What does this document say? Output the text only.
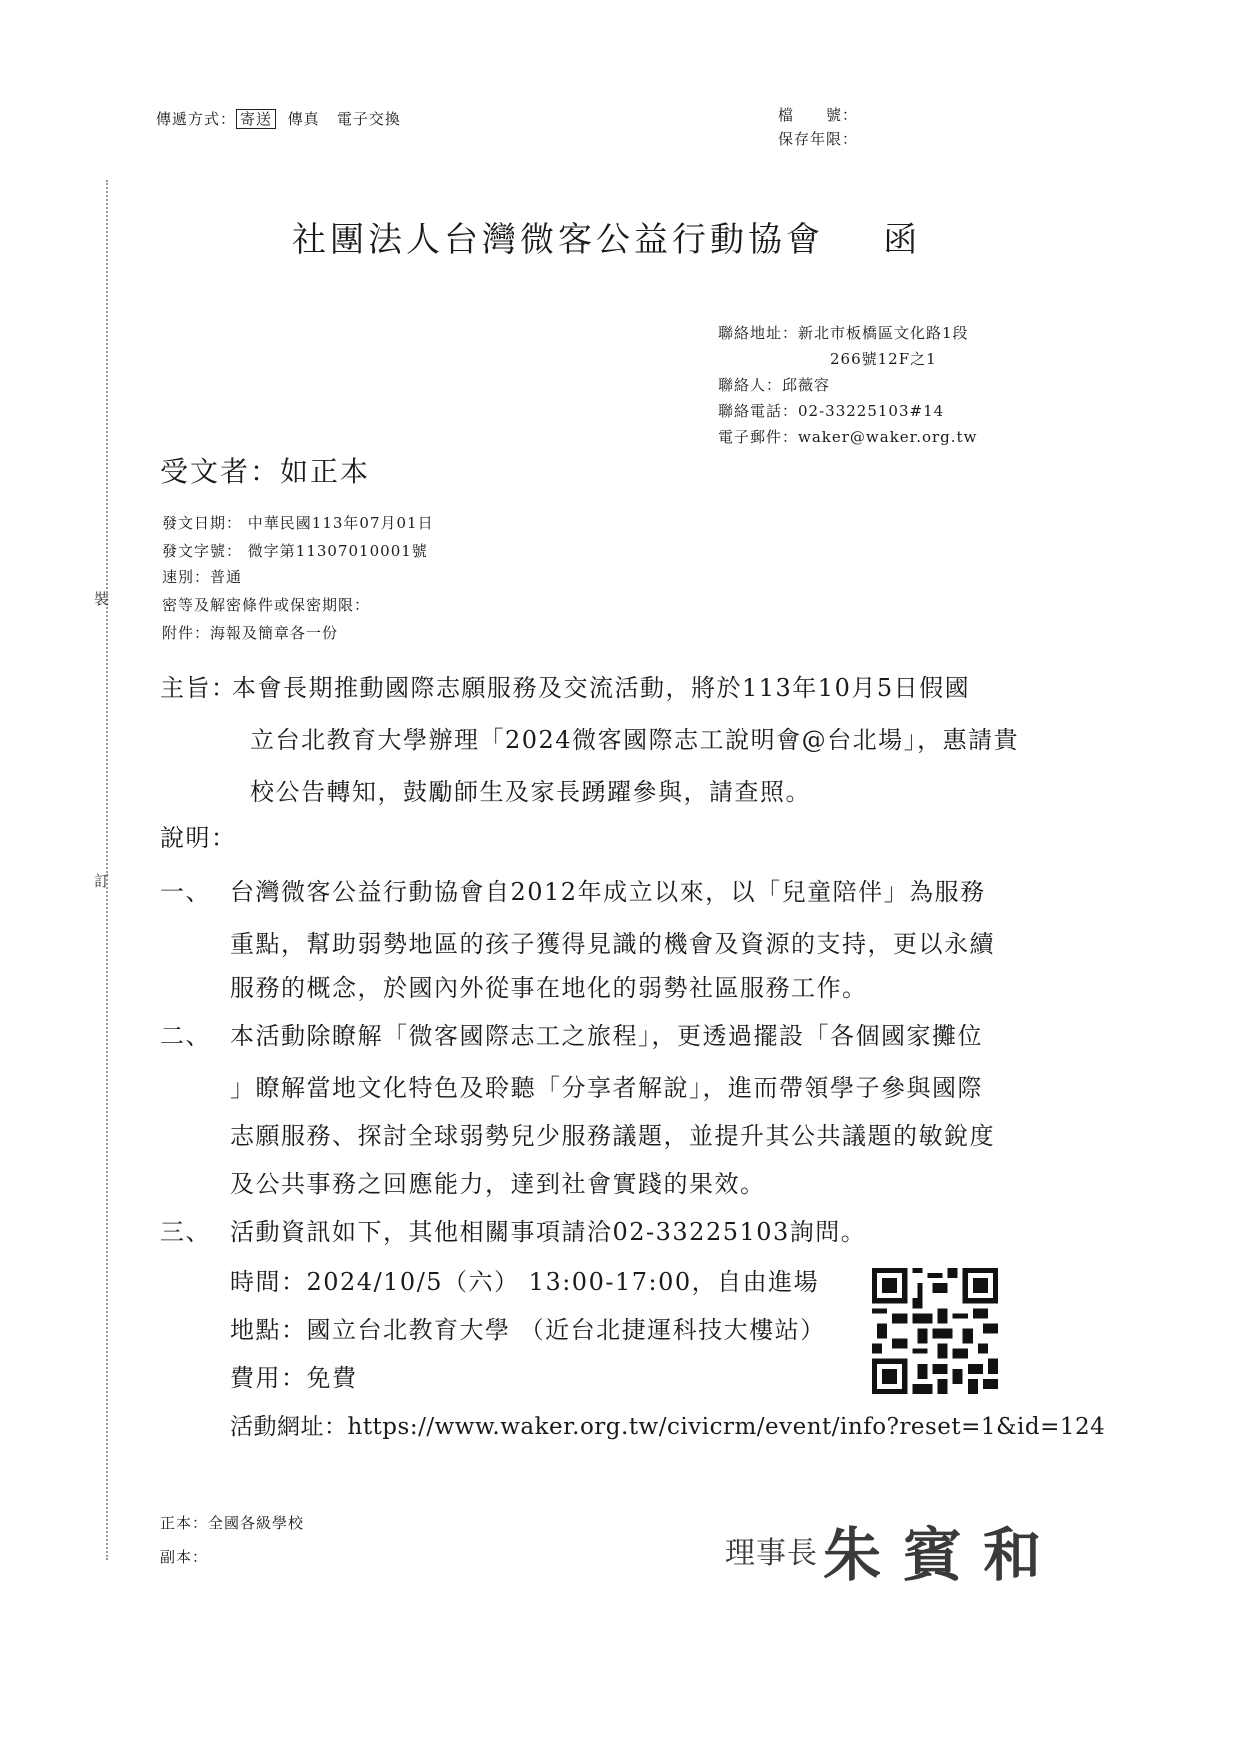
裝
訂
傳遞方式： 寄送 傳真 電子交換	檔　　號：
保存年限：
社團法人台灣微客公益行動協會 函
聯絡地址：新北市板橋區文化路1段
266號12F之1
聯絡人：邱薇容
聯絡電話：02-33225103#14
電子郵件：waker@waker.org.tw
受文者：如正本
發文日期： 中華民國113年07月01日
發文字號： 微字第11307010001號
速別：普通
密等及解密條件或保密期限：
附件：海報及簡章各一份
主旨：
本會長期推動國際志願服務及交流活動，將於113年10月5日假國
立台北教育大學辦理「2024微客國際志工說明會@台北場」，惠請貴
校公告轉知，鼓勵師生及家長踴躍參與，請查照。
說明：
一、 台灣微客公益行動協會自2012年成立以來，以「兒童陪伴」為服務
重點，幫助弱勢地區的孩子獲得見識的機會及資源的支持，更以永續
服務的概念，於國內外從事在地化的弱勢社區服務工作。
二、 本活動除瞭解「微客國際志工之旅程」，更透過擺設「各個國家攤位
」瞭解當地文化特色及聆聽「分享者解說」，進而帶領學子參與國際
志願服務、探討全球弱勢兒少服務議題，並提升其公共議題的敏銳度
及公共事務之回應能力，達到社會實踐的果效。
三、 活動資訊如下，其他相關事項請洽02-33225103詢問。
時間：2024/10/5（六） 13:00-17:00，自由進場
地點：國立台北教育大學 （近台北捷運科技大樓站）
費用：免費
活動網址：https://www.waker.org.tw/civicrm/event/info?reset=1&id=124
正本：全國各級學校
副本：	理事長 朱賓和
